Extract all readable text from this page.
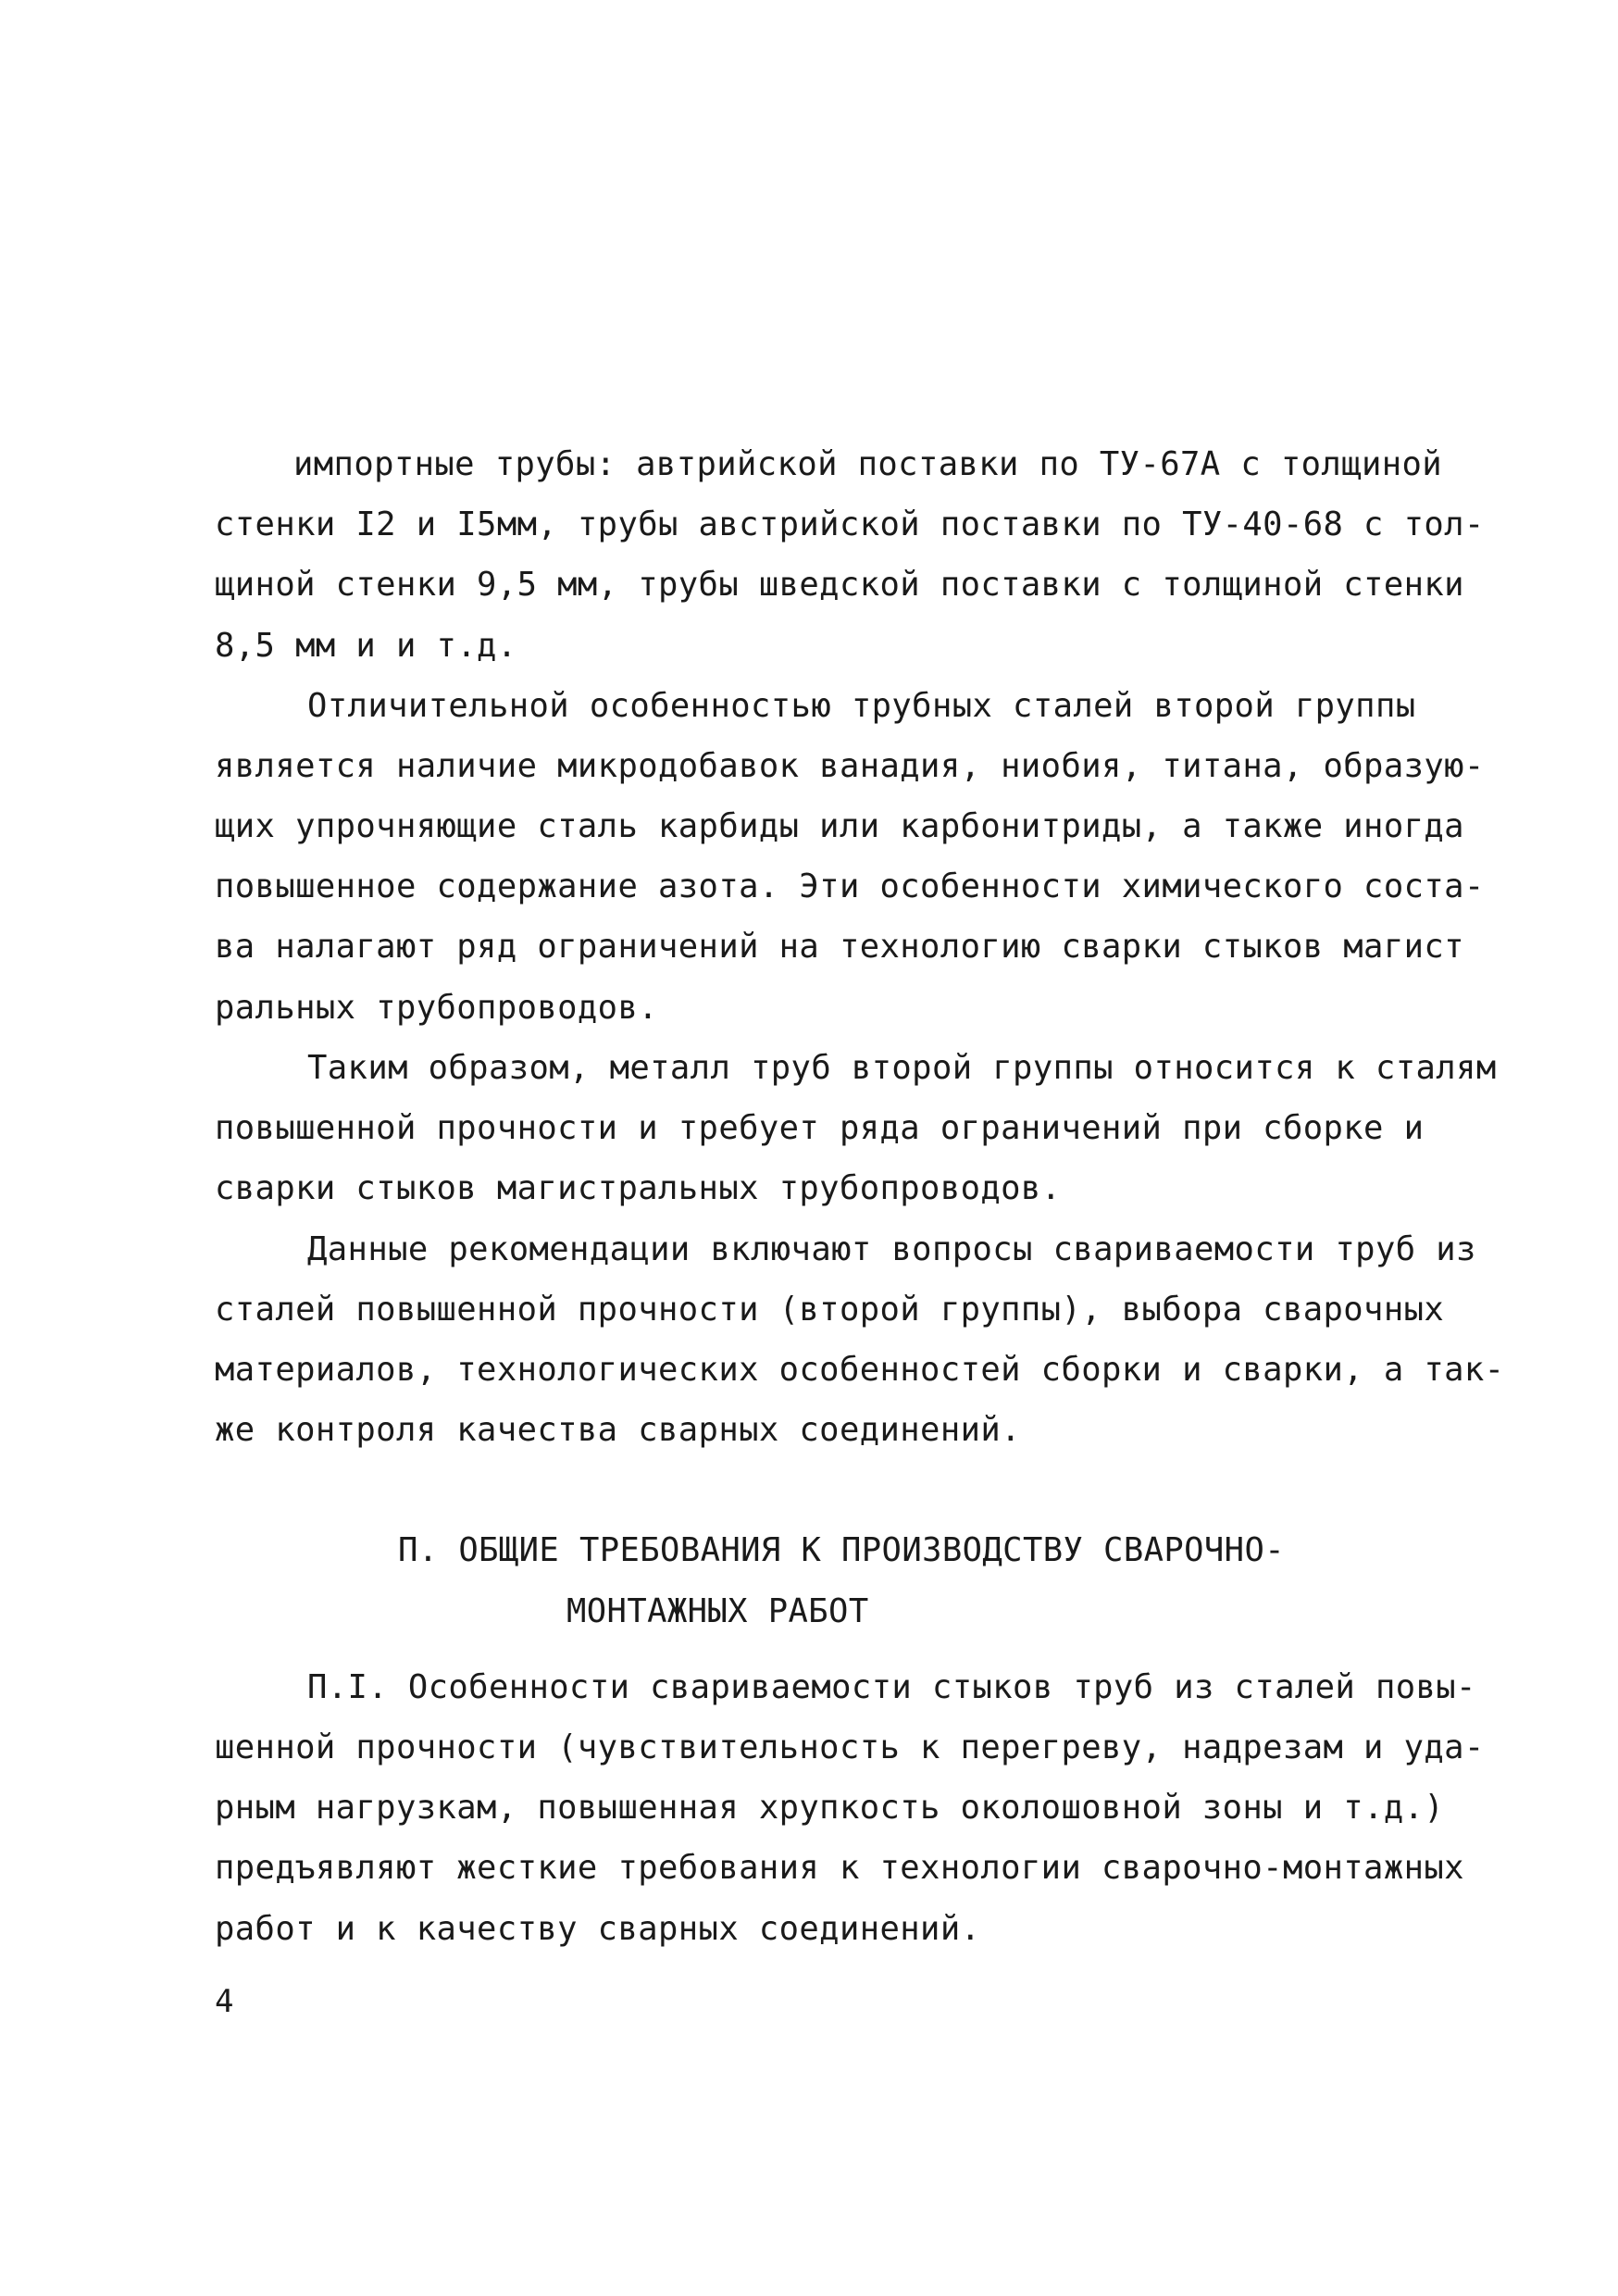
импортные трубы: автрийской поставки по ТУ-67А с толщиной
стенки I2 и I5мм, трубы австрийской поставки по ТУ-40-68 с тол-
щиной стенки 9,5 мм, трубы шведской поставки с толщиной стенки
8,5 мм и и т.д.
Отличительной особенностью трубных сталей второй группы
является наличие микродобавок ванадия, ниобия, титана, образую-
щих упрочняющие сталь карбиды или карбонитриды, а также иногда
повышенное содержание азота. Эти особенности химического соста-
ва налагают ряд ограничений на технологию сварки стыков магист
ральных трубопроводов.
Таким образом, металл труб второй группы относится к сталям
повышенной прочности и требует ряда ограничений при сборке и
сварки стыков магистральных трубопроводов.
Данные рекомендации включают вопросы свариваемости труб из
сталей повышенной прочности (второй группы), выбора сварочных
материалов, технологических особенностей сборки и сварки, а так-
же контроля качества сварных соединений.
П. ОБЩИЕ ТРЕБОВАНИЯ К ПРОИЗВОДСТВУ СВАРОЧНО-
МОНТАЖНЫХ РАБОТ
П.I. Особенности свариваемости стыков труб из сталей повы-
шенной прочности (чувствительность к перегреву, надрезам и уда-
рным нагрузкам, повышенная хрупкость околошовной зоны и т.д.)
предъявляют жесткие требования к технологии сварочно-монтажных
работ и к качеству сварных соединений.
4
